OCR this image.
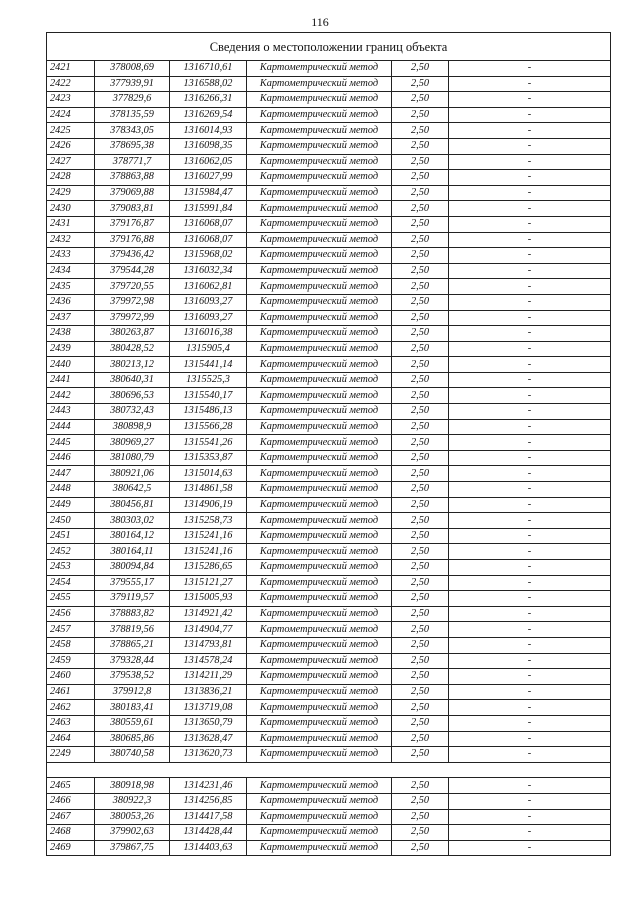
116
Сведения о местоположении границ объекта					
2421	378008,69	1316710,61	Картометрический метод	2,50	-
2422	377939,91	1316588,02	Картометрический метод	2,50	-
2423	377829,6	1316266,31	Картометрический метод	2,50	-
2424	378135,59	1316269,54	Картометрический метод	2,50	-
2425	378343,05	1316014,93	Картометрический метод	2,50	-
2426	378695,38	1316098,35	Картометрический метод	2,50	-
2427	378771,7	1316062,05	Картометрический метод	2,50	-
2428	378863,88	1316027,99	Картометрический метод	2,50	-
2429	379069,88	1315984,47	Картометрический метод	2,50	-
2430	379083,81	1315991,84	Картометрический метод	2,50	-
2431	379176,87	1316068,07	Картометрический метод	2,50	-
2432	379176,88	1316068,07	Картометрический метод	2,50	-
2433	379436,42	1315968,02	Картометрический метод	2,50	-
2434	379544,28	1316032,34	Картометрический метод	2,50	-
2435	379720,55	1316062,81	Картометрический метод	2,50	-
2436	379972,98	1316093,27	Картометрический метод	2,50	-
2437	379972,99	1316093,27	Картометрический метод	2,50	-
2438	380263,87	1316016,38	Картометрический метод	2,50	-
2439	380428,52	1315905,4	Картометрический метод	2,50	-
2440	380213,12	1315441,14	Картометрический метод	2,50	-
2441	380640,31	1315525,3	Картометрический метод	2,50	-
2442	380696,53	1315540,17	Картометрический метод	2,50	-
2443	380732,43	1315486,13	Картометрический метод	2,50	-
2444	380898,9	1315566,28	Картометрический метод	2,50	-
2445	380969,27	1315541,26	Картометрический метод	2,50	-
2446	381080,79	1315353,87	Картометрический метод	2,50	-
2447	380921,06	1315014,63	Картометрический метод	2,50	-
2448	380642,5	1314861,58	Картометрический метод	2,50	-
2449	380456,81	1314906,19	Картометрический метод	2,50	-
2450	380303,02	1315258,73	Картометрический метод	2,50	-
2451	380164,12	1315241,16	Картометрический метод	2,50	-
2452	380164,11	1315241,16	Картометрический метод	2,50	-
2453	380094,84	1315286,65	Картометрический метод	2,50	-
2454	379555,17	1315121,27	Картометрический метод	2,50	-
2455	379119,57	1315005,93	Картометрический метод	2,50	-
2456	378883,82	1314921,42	Картометрический метод	2,50	-
2457	378819,56	1314904,77	Картометрический метод	2,50	-
2458	378865,21	1314793,81	Картометрический метод	2,50	-
2459	379328,44	1314578,24	Картометрический метод	2,50	-
2460	379538,52	1314211,29	Картометрический метод	2,50	-
2461	379912,8	1313836,21	Картометрический метод	2,50	-
2462	380183,41	1313719,08	Картометрический метод	2,50	-
2463	380559,61	1313650,79	Картометрический метод	2,50	-
2464	380685,86	1313628,47	Картометрический метод	2,50	-
2249	380740,58	1313620,73	Картометрический метод	2,50	-

2465	380918,98	1314231,46	Картометрический метод	2,50	-
2466	380922,3	1314256,85	Картометрический метод	2,50	-
2467	380053,26	1314417,58	Картометрический метод	2,50	-
2468	379902,63	1314428,44	Картометрический метод	2,50	-
2469	379867,75	1314403,63	Картометрический метод	2,50	-
